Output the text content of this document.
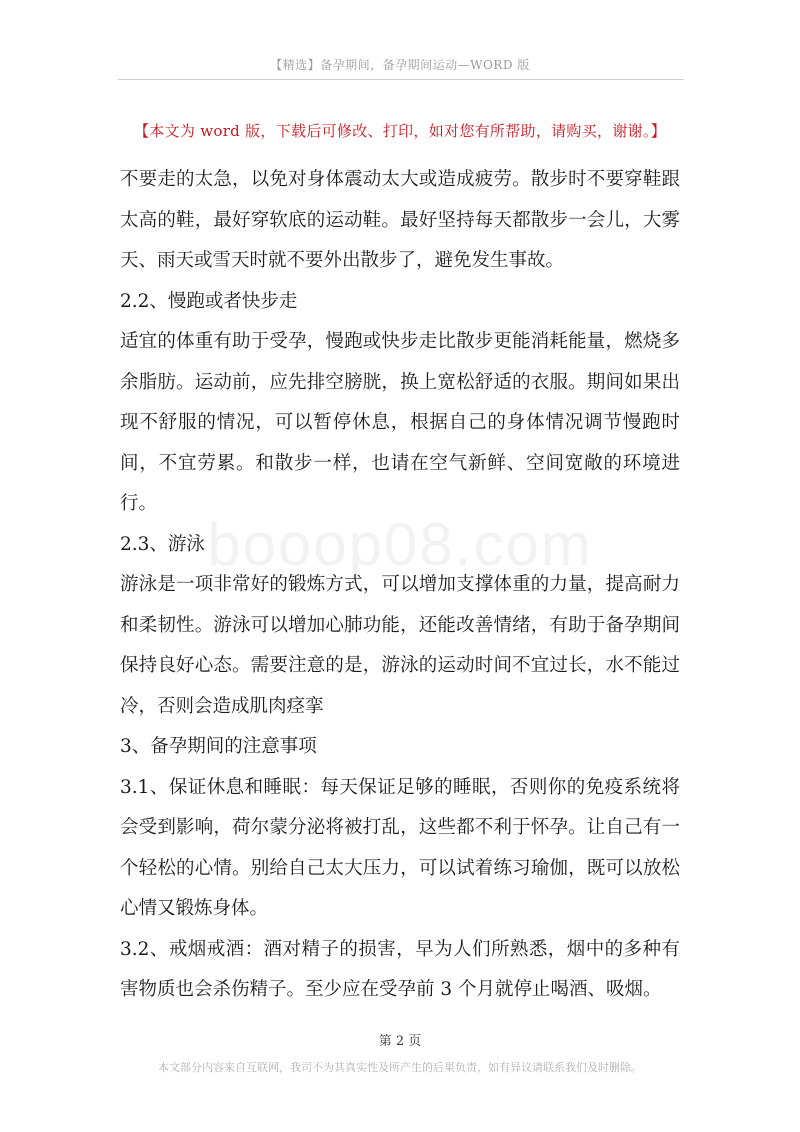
【精选】备孕期间，备孕期间运动—WORD 版
【本文为 word 版，下载后可修改、打印，如对您有所帮助，请购买，谢谢。】
booop08.com

不要走的太急，以免对身体震动太大或造成疲劳。散步时不要穿鞋跟太高的鞋，最好穿软底的运动鞋。最好坚持每天都散步一会儿，大雾天、雨天或雪天时就不要外出散步了，避免发生事故。

2.2、慢跑或者快步走

适宜的体重有助于受孕，慢跑或快步走比散步更能消耗能量，燃烧多余脂肪。运动前，应先排空膀胱，换上宽松舒适的衣服。期间如果出现不舒服的情况，可以暂停休息，根据自己的身体情况调节慢跑时间，不宜劳累。和散步一样，也请在空气新鲜、空间宽敞的环境进行。

2.3、游泳

游泳是一项非常好的锻炼方式，可以增加支撑体重的力量，提高耐力和柔韧性。游泳可以增加心肺功能，还能改善情绪，有助于备孕期间保持良好心态。需要注意的是，游泳的运动时间不宜过长，水不能过冷，否则会造成肌肉痉挛

3、备孕期间的注意事项

3.1、保证休息和睡眠：每天保证足够的睡眠，否则你的免疫系统将会受到影响，荷尔蒙分泌将被打乱，这些都不利于怀孕。让自己有一个轻松的心情。别给自己太大压力，可以试着练习瑜伽，既可以放松心情又锻炼身体。

3.2、戒烟戒酒：酒对精子的损害，早为人们所熟悉，烟中的多种有害物质也会杀伤精子。至少应在受孕前 3 个月就停止喝酒、吸烟。

第 2 页
本文部分内容来自互联网，我司不为其真实性及所产生的后果负责，如有异议请联系我们及时删除。
